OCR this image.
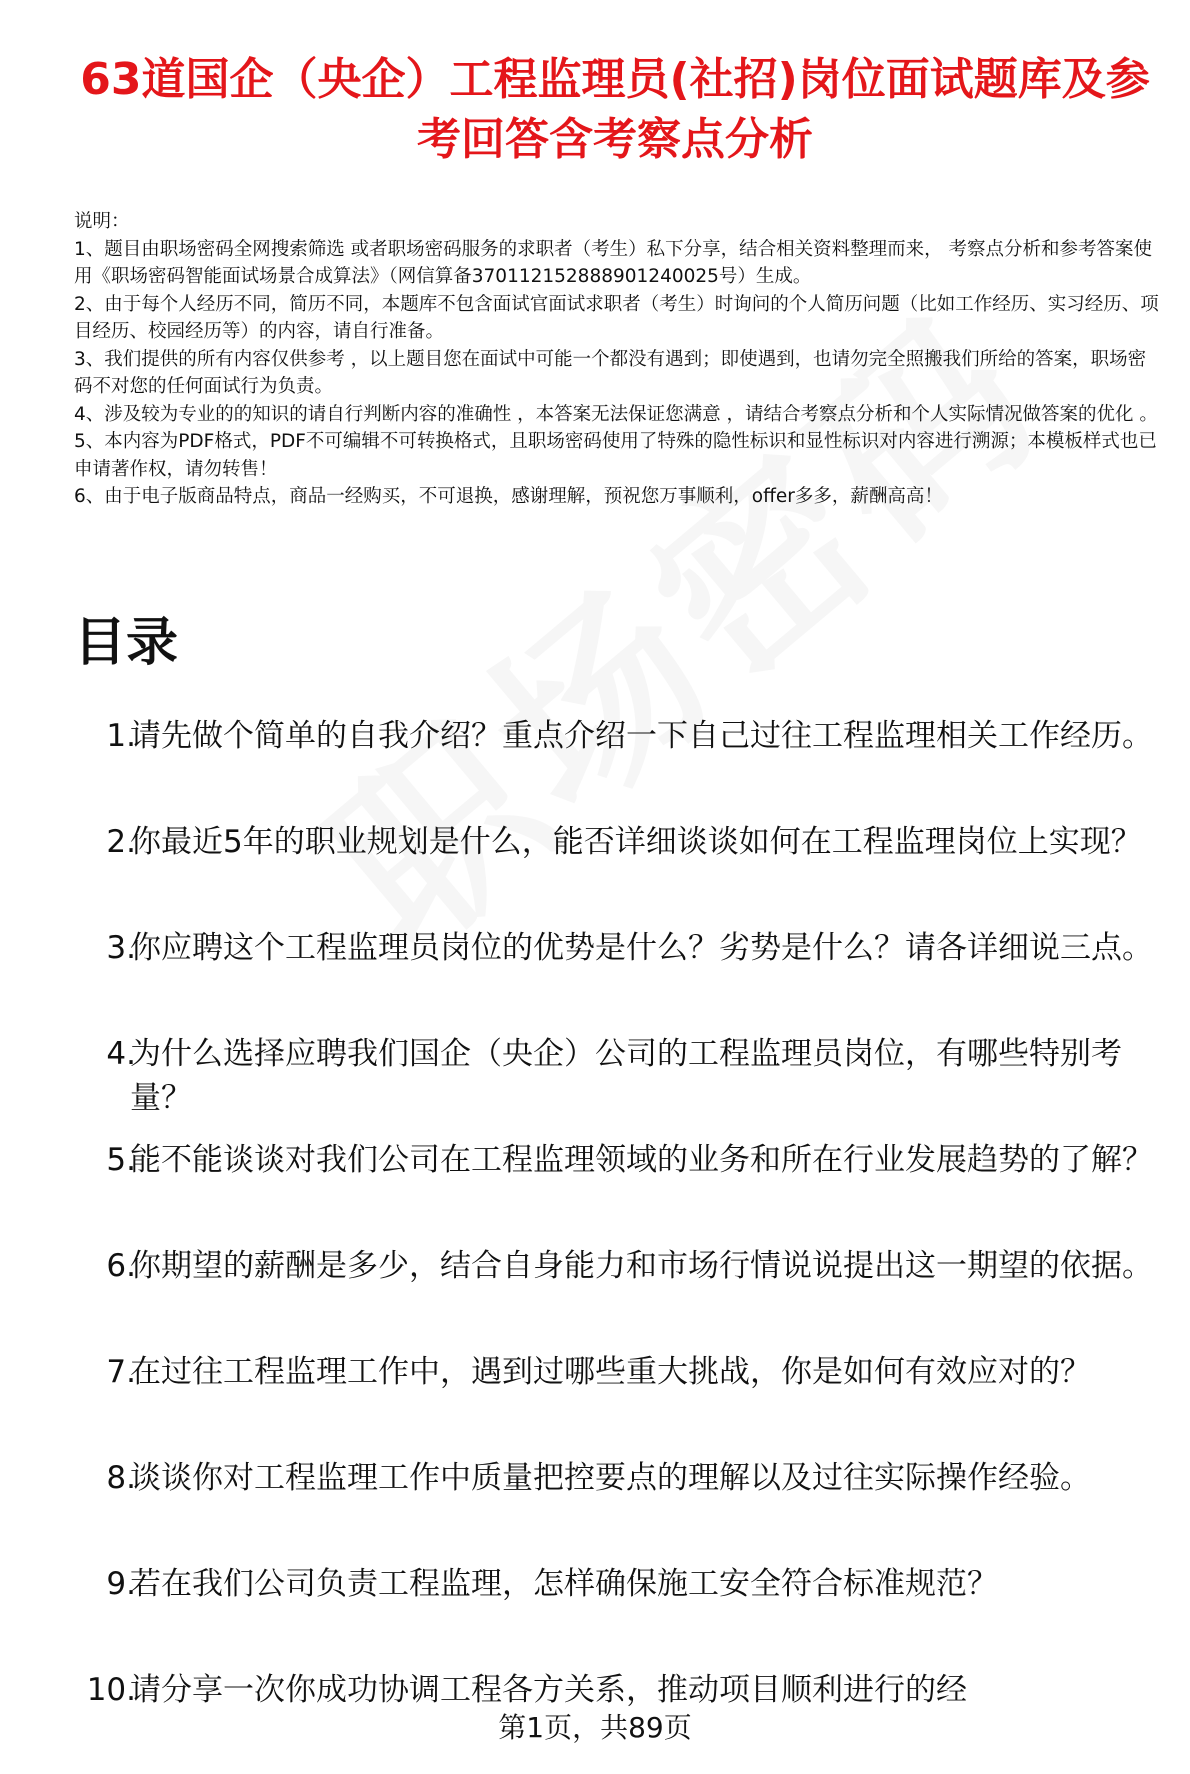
63道国企（央企）工程监理员(社招)岗位面试题库及参考回答含考察点分析

说明：

1、题目由职场密码全网搜索筛选 或者职场密码服务的求职者（考生）私下分享，结合相关资料整理而来， 考察点分析和参考答案使用《职场密码智能面试场景合成算法》（网信算备370112152888901240025号）生成。

2、由于每个人经历不同，简历不同，本题库不包含面试官面试求职者（考生）时询问的个人简历问题（比如工作经历、实习经历、项目经历、校园经历等）的内容，请自行准备。

3、我们提供的所有内容仅供参考 ，以上题目您在面试中可能一个都没有遇到；即使遇到，也请勿完全照搬我们所给的答案，职场密码不对您的任何面试行为负责。

4、涉及较为专业的的知识的请自行判断内容的准确性 ，本答案无法保证您满意 ，请结合考察点分析和个人实际情况做答案的优化 。

5、本内容为PDF格式，PDF不可编辑不可转换格式，且职场密码使用了特殊的隐性标识和显性标识对内容进行溯源；本模板样式也已申请著作权，请勿转售！

6、由于电子版商品特点，商品一经购买，不可退换，感谢理解，预祝您万事顺利，offer多多，薪酬高高！

目录
1.
请先做个简单的自我介绍？重点介绍一下自己过往工程监理相关工作经历。
2.
你最近5年的职业规划是什么，能否详细谈谈如何在工程监理岗位上实现？
3.
你应聘这个工程监理员岗位的优势是什么？劣势是什么？请各详细说三点。
4.
为什么选择应聘我们国企（央企）公司的工程监理员岗位，有哪些特别考量？
5.
能不能谈谈对我们公司在工程监理领域的业务和所在行业发展趋势的了解？
6.
你期望的薪酬是多少，结合自身能力和市场行情说说提出这一期望的依据。
7.
在过往工程监理工作中，遇到过哪些重大挑战，你是如何有效应对的？
8.
谈谈你对工程监理工作中质量把控要点的理解以及过往实际操作经验。
9.
若在我们公司负责工程监理，怎样确保施工安全符合标准规范？
10.
请分享一次你成功协调工程各方关系，推动项目顺利进行的经
第1页，共89页
